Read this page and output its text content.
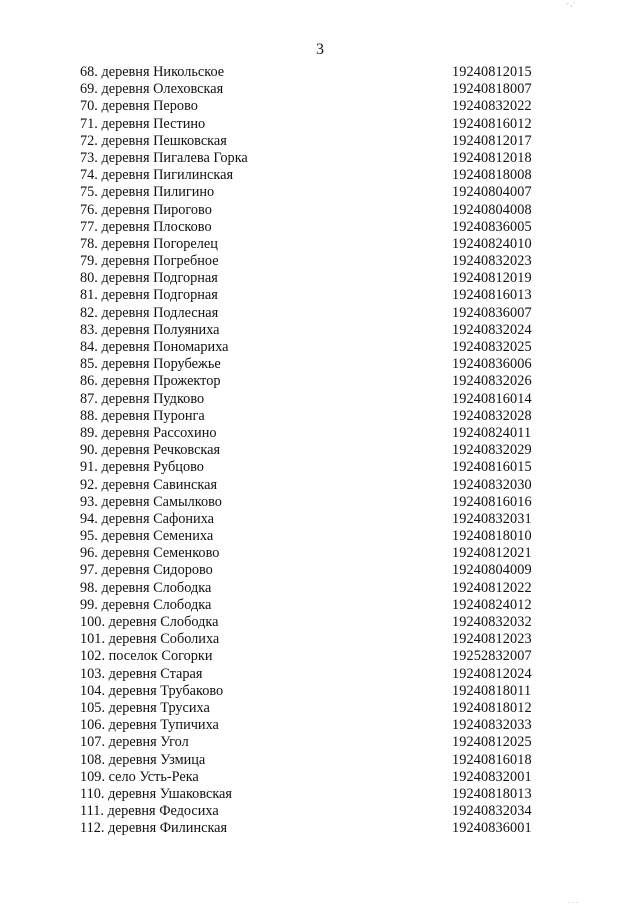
- ,·
3
68. деревня Никольское	19240812015
69. деревня Олеховская	19240818007
70. деревня Перово	19240832022
71. деревня Пестино	19240816012
72. деревня Пешковская	19240812017
73. деревня Пигалева Горка	19240812018
74. деревня Пигилинская	19240818008
75. деревня Пилигино	19240804007
76. деревня Пирогово	19240804008
77. деревня Плосково	19240836005
78. деревня Погорелец	19240824010
79. деревня Погребное	19240832023
80. деревня Подгорная	19240812019
81. деревня Подгорная	19240816013
82. деревня Подлесная	19240836007
83. деревня Полуяниха	19240832024
84. деревня Пономариха	19240832025
85. деревня Порубежье	19240836006
86. деревня Прожектор	19240832026
87. деревня Пудково	19240816014
88. деревня Пуронга	19240832028
89. деревня Рассохино	19240824011
90. деревня Речковская	19240832029
91. деревня Рубцово	19240816015
92. деревня Савинская	19240832030
93. деревня Самылково	19240816016
94. деревня Сафониха	19240832031
95. деревня Семениха	19240818010
96. деревня Семенково	19240812021
97. деревня Сидорово	19240804009
98. деревня Слободка	19240812022
99. деревня Слободка	19240824012
100. деревня Слободка	19240832032
101. деревня Соболиха	19240812023
102. поселок Согорки	19252832007
103. деревня Старая	19240812024
104. деревня Трубаково	19240818011
105. деревня Трусиха	19240818012
106. деревня Тупичиха	19240832033
107. деревня Угол	19240812025
108. деревня Узмица	19240816018
109. село Усть-Река	19240832001
110. деревня Ушаковская	19240818013
111. деревня Федосиха	19240832034
112. деревня Филинская	19240836001
. . .
